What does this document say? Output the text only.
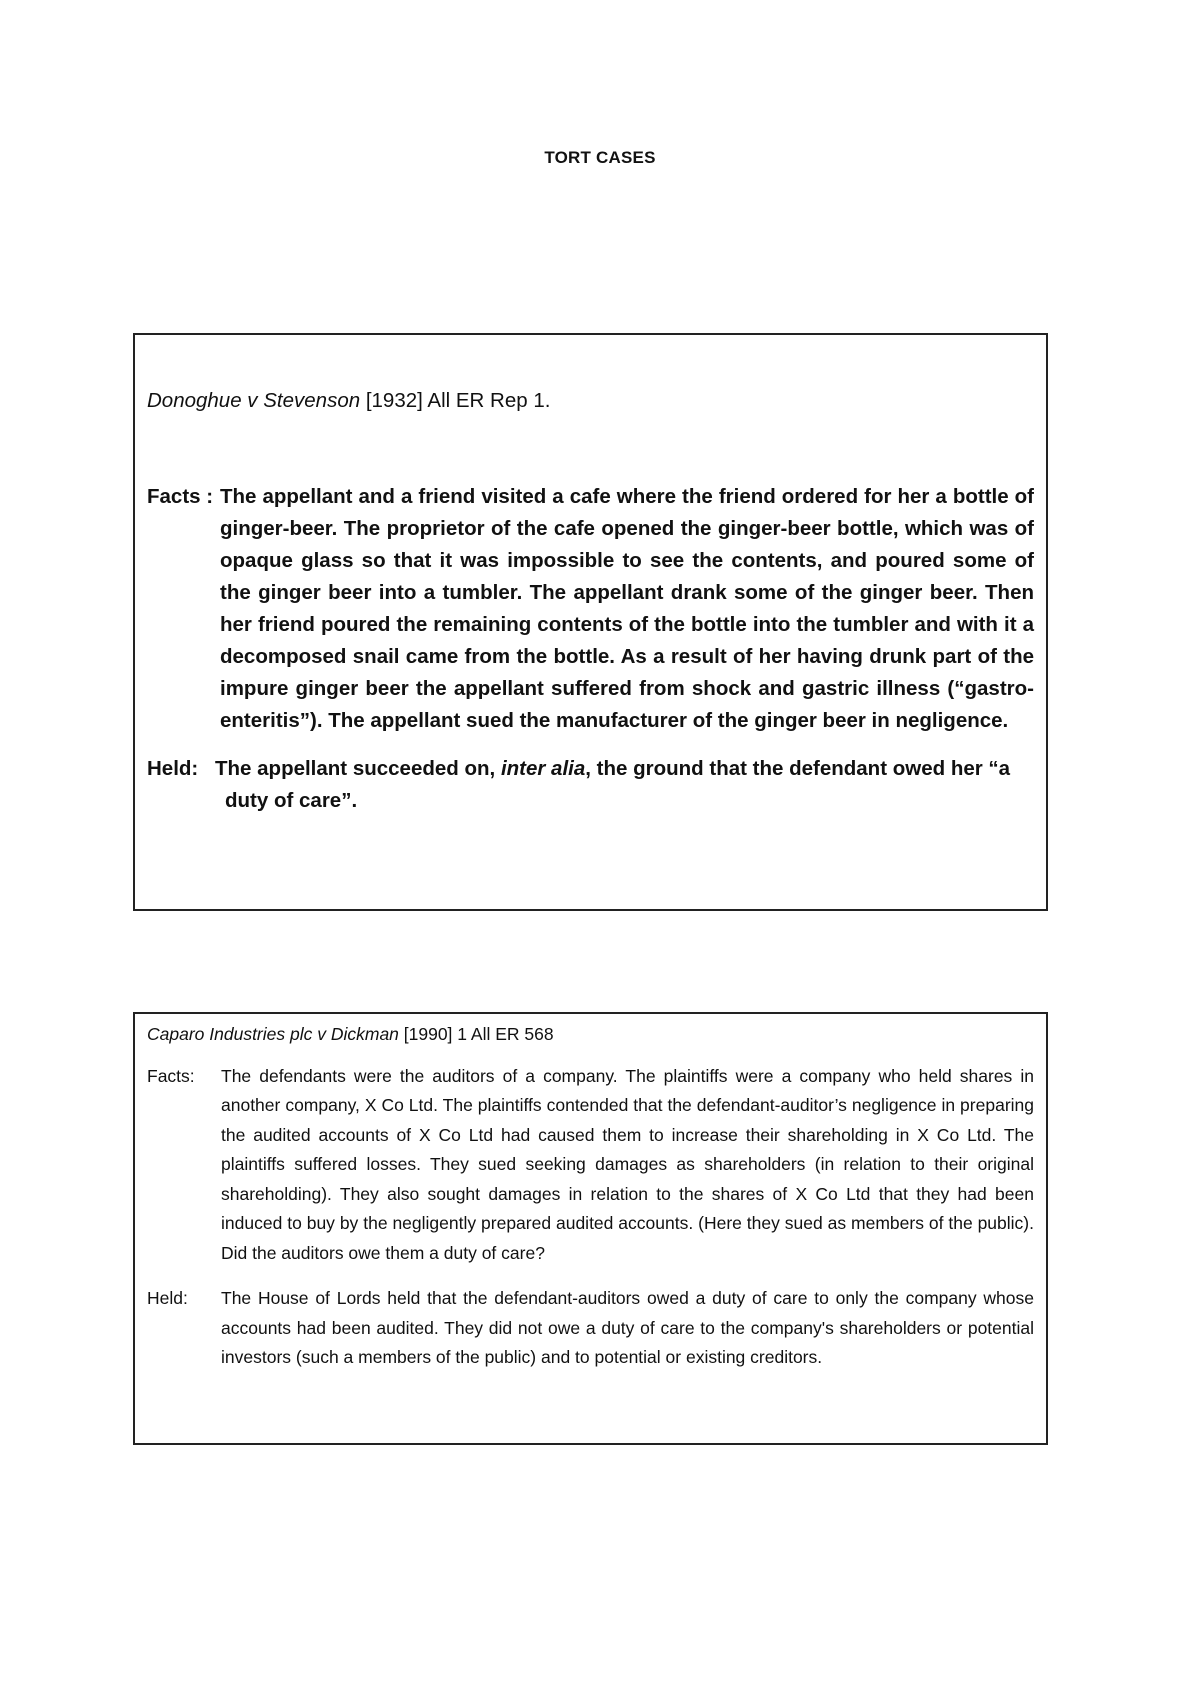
TORT CASES

Donoghue v Stevenson [1932] All ER Rep 1.

Facts : The appellant and a friend visited a cafe where the friend ordered for her a bottle of ginger-beer. The proprietor of the cafe opened the ginger-beer bottle, which was of opaque glass so that it was impossible to see the contents, and poured some of the ginger beer into a tumbler. The appellant drank some of the ginger beer. Then her friend poured the remaining contents of the bottle into the tumbler and with it a decomposed snail came from the bottle. As a result of her having drunk part of the impure ginger beer the appellant suffered from shock and gastric illness (“gastro-enteritis”). The appellant sued the manufacturer of the ginger beer in negligence.
Held: The appellant succeeded on, inter alia, the ground that the defendant owed her “a
duty of care”.

Caparo Industries plc v Dickman [1990] 1 All ER 568

Facts:	The defendants were the auditors of a company. The plaintiffs were a company who held shares in another company, X Co Ltd. The plaintiffs contended that the defendant-auditor’s negligence in preparing the audited accounts of X Co Ltd had caused them to increase their shareholding in X Co Ltd. The plaintiffs suffered losses. They sued seeking damages as shareholders (in relation to their original shareholding). They also sought damages in relation to the shares of X Co Ltd that they had been induced to buy by the negligently prepared audited accounts. (Here they sued as members of the public). Did the auditors owe them a duty of care?
Held:	The House of Lords held that the defendant-auditors owed a duty of care to only the company whose accounts had been audited. They did not owe a duty of care to the company's shareholders or potential investors (such a members of the public) and to potential or existing creditors.
